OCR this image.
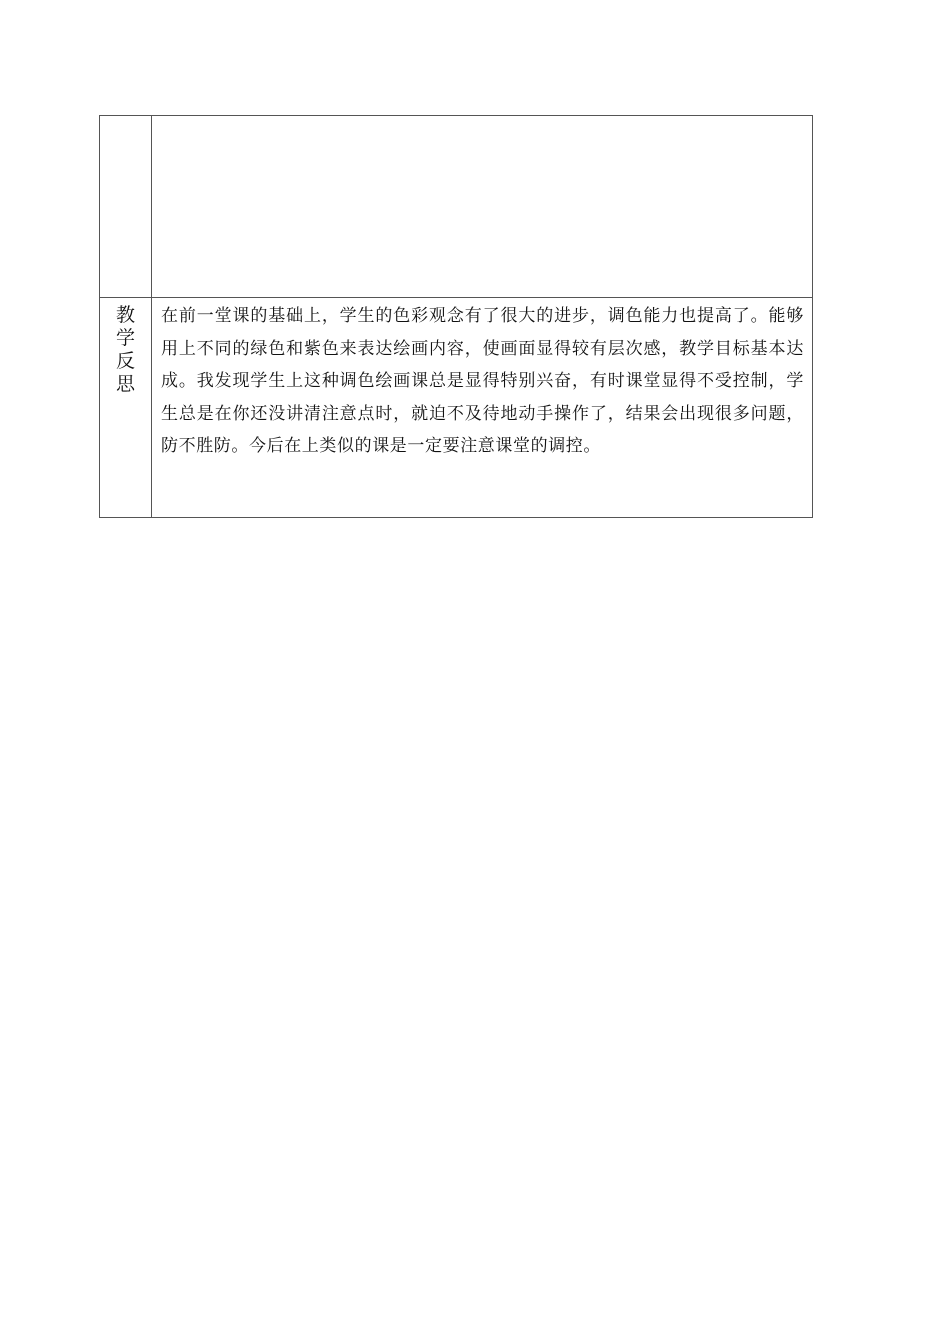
教学反思	在前一堂课的基础上，学生的色彩观念有了很大的进步，调色能力也提高了。能够用上不同的绿色和紫色来表达绘画内容，使画面显得较有层次感，教学目标基本达成。我发现学生上这种调色绘画课总是显得特别兴奋，有时课堂显得不受控制，学生总是在你还没讲清注意点时，就迫不及待地动手操作了，结果会出现很多问题，防不胜防。今后在上类似的课是一定要注意课堂的调控。
